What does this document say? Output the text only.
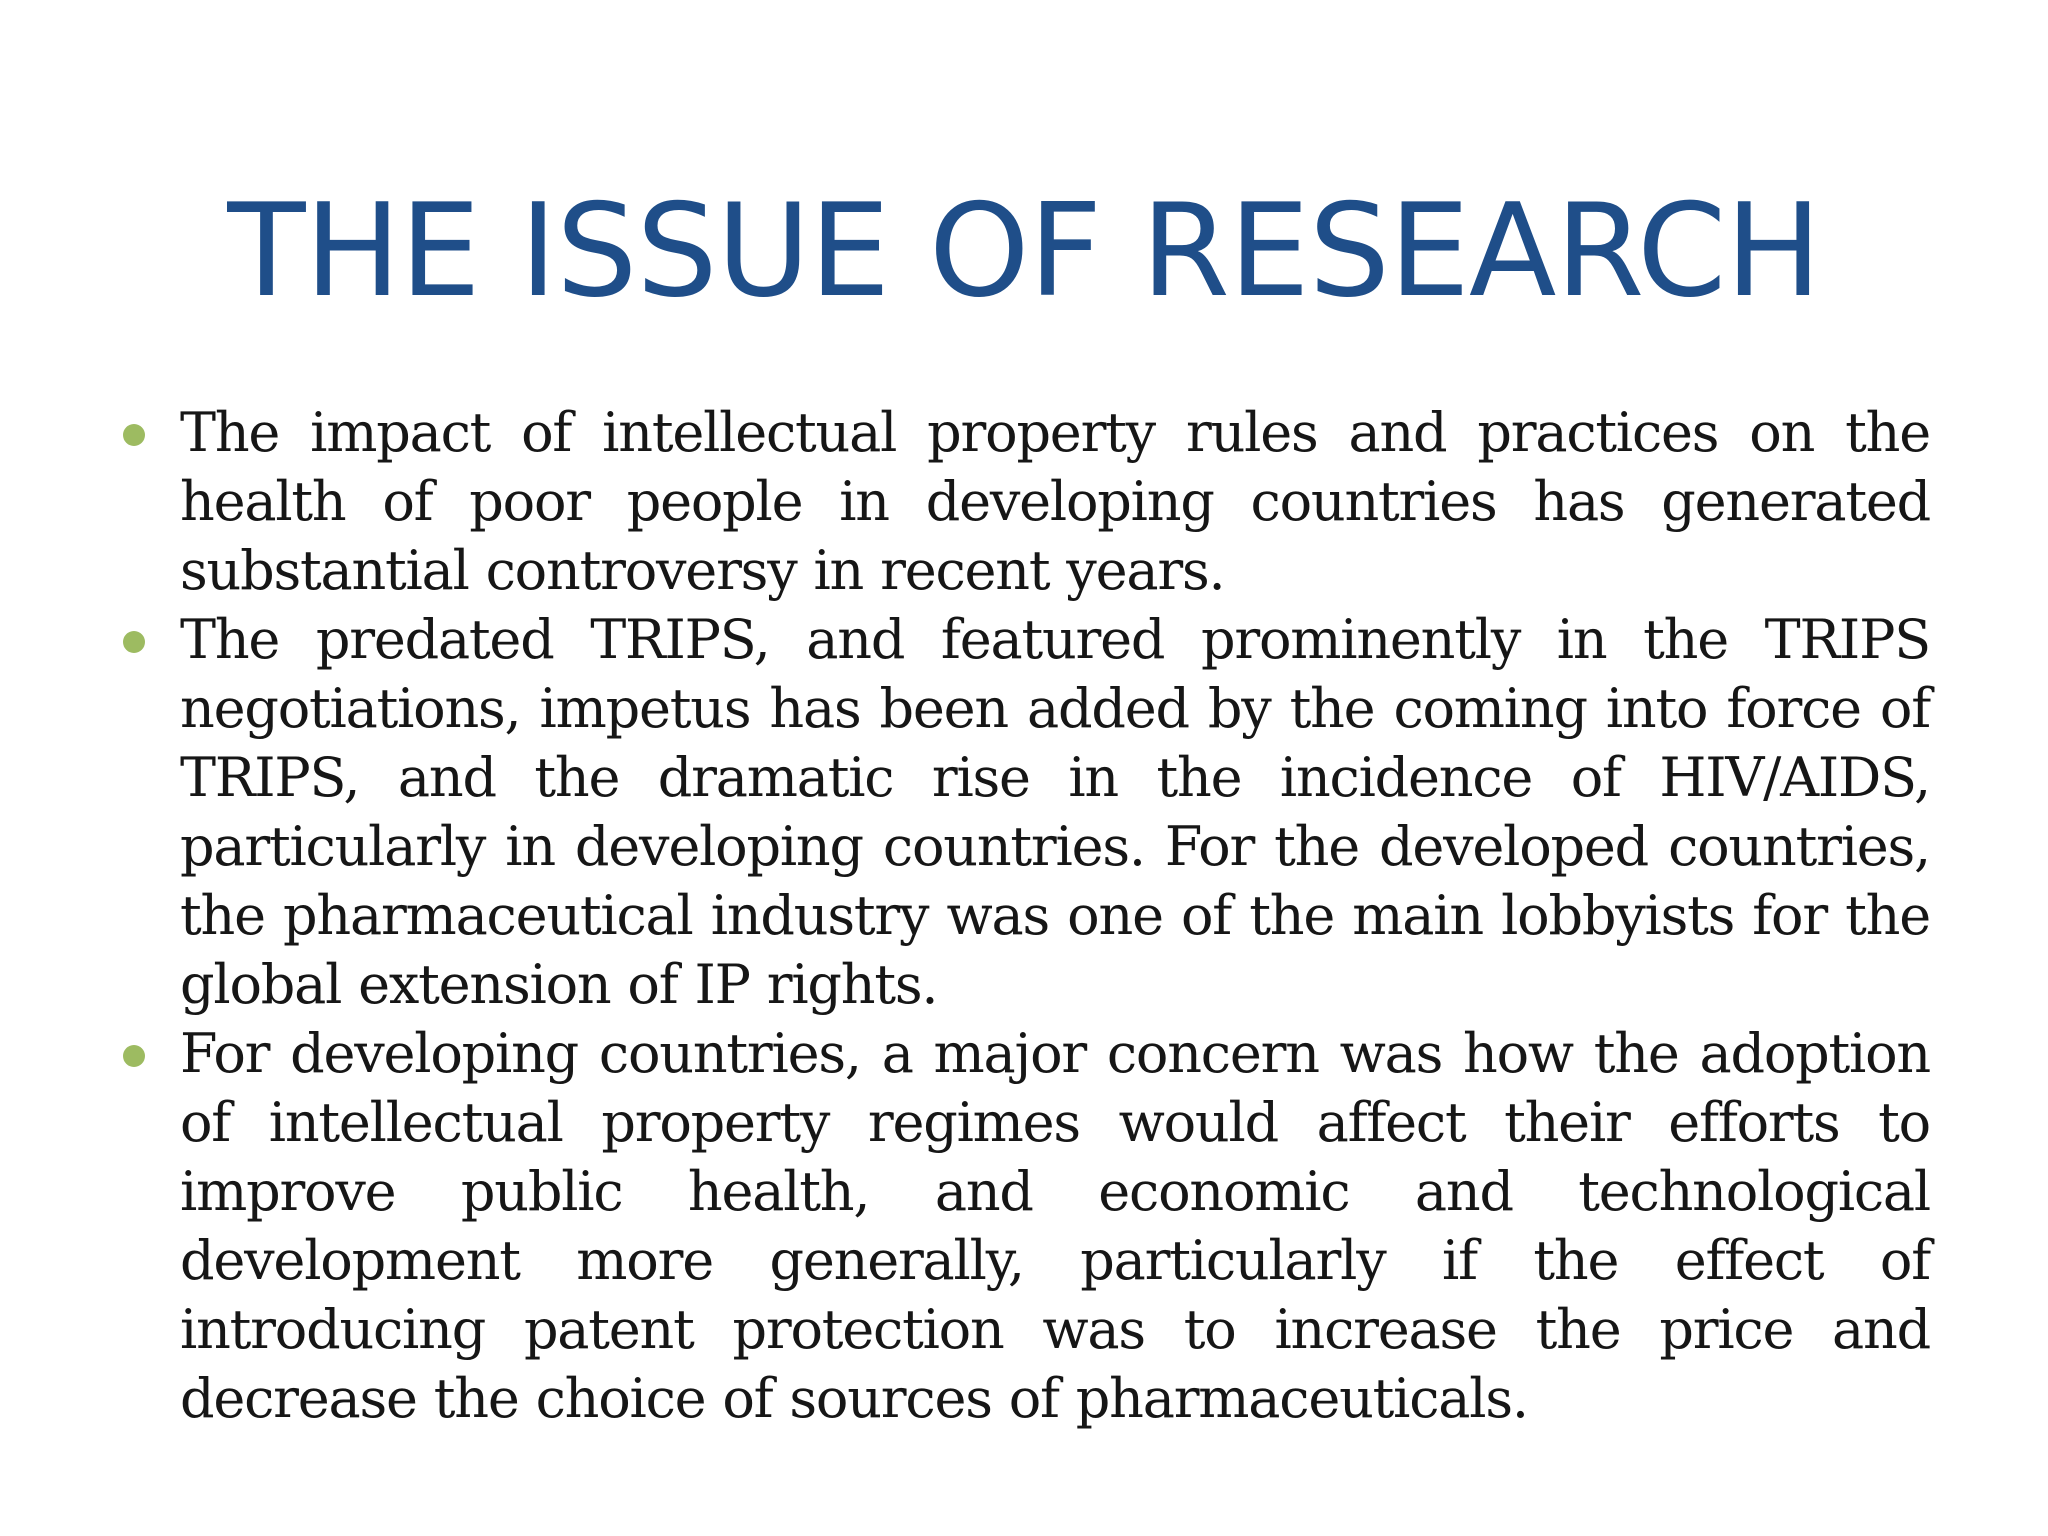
THE ISSUE OF RESEARCH
The impact of intellectual property rules and practices on the health of poor people in developing countries has generated substantial controversy in recent years.
The predated TRIPS, and featured prominently in the TRIPS negotiations, impetus has been added by the coming into force of TRIPS, and the dramatic rise in the incidence of HIV/AIDS, particularly in developing countries. For the developed countries, the pharmaceutical industry was one of the main lobbyists for the global extension of IP rights.
For developing countries, a major concern was how the adoption of intellectual property regimes would affect their efforts to improve public health, and economic and technological development more generally, particularly if the effect of introducing patent protection was to increase the price and decrease the choice of sources of pharmaceuticals.
